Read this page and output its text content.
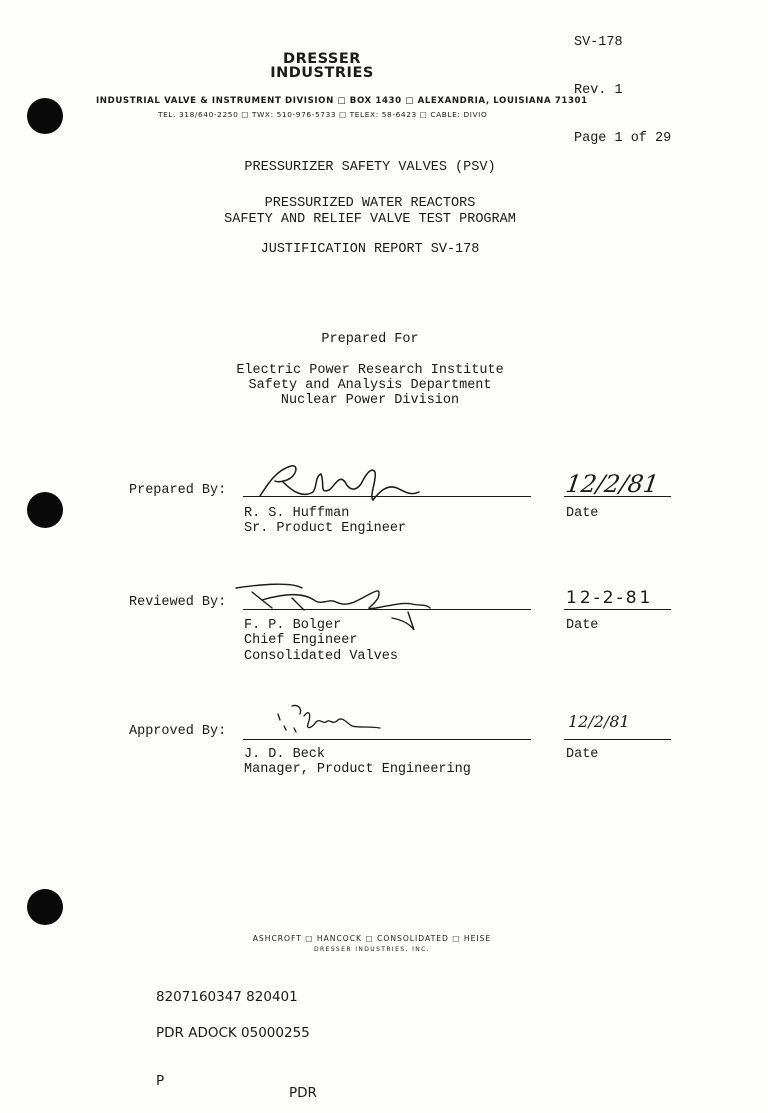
SV-178

Rev. 1

Page 1 of 29

DRESSER
INDUSTRIES
INDUSTRIAL VALVE & INSTRUMENT DIVISION □ BOX 1430 □ ALEXANDRIA, LOUISIANA 71301
TEL. 318/640-2250 □ TWX: 510-976-5733 □ TELEX: 58-6423 □ CABLE: DIVIO
PRESSURIZER SAFETY VALVES (PSV)
PRESSURIZED WATER REACTORS
SAFETY AND RELIEF VALVE TEST PROGRAM
JUSTIFICATION REPORT SV-178
Prepared For
Electric Power Research Institute
Safety and Analysis Department
Nuclear Power Division
Prepared By:
R. S. Huffman
Sr. Product Engineer
12/2/81
Date
Reviewed By:
F. P. Bolger
Chief Engineer
Consolidated Valves
12-2-81
Date
Approved By:
J. D. Beck
Manager, Product Engineering
12/2/81
Date
ASHCROFT □ HANCOCK □ CONSOLIDATED □ HEISE
DRESSER INDUSTRIES, INC.

8207160347 820401

PDR ADOCK 05000255

P

PDR
